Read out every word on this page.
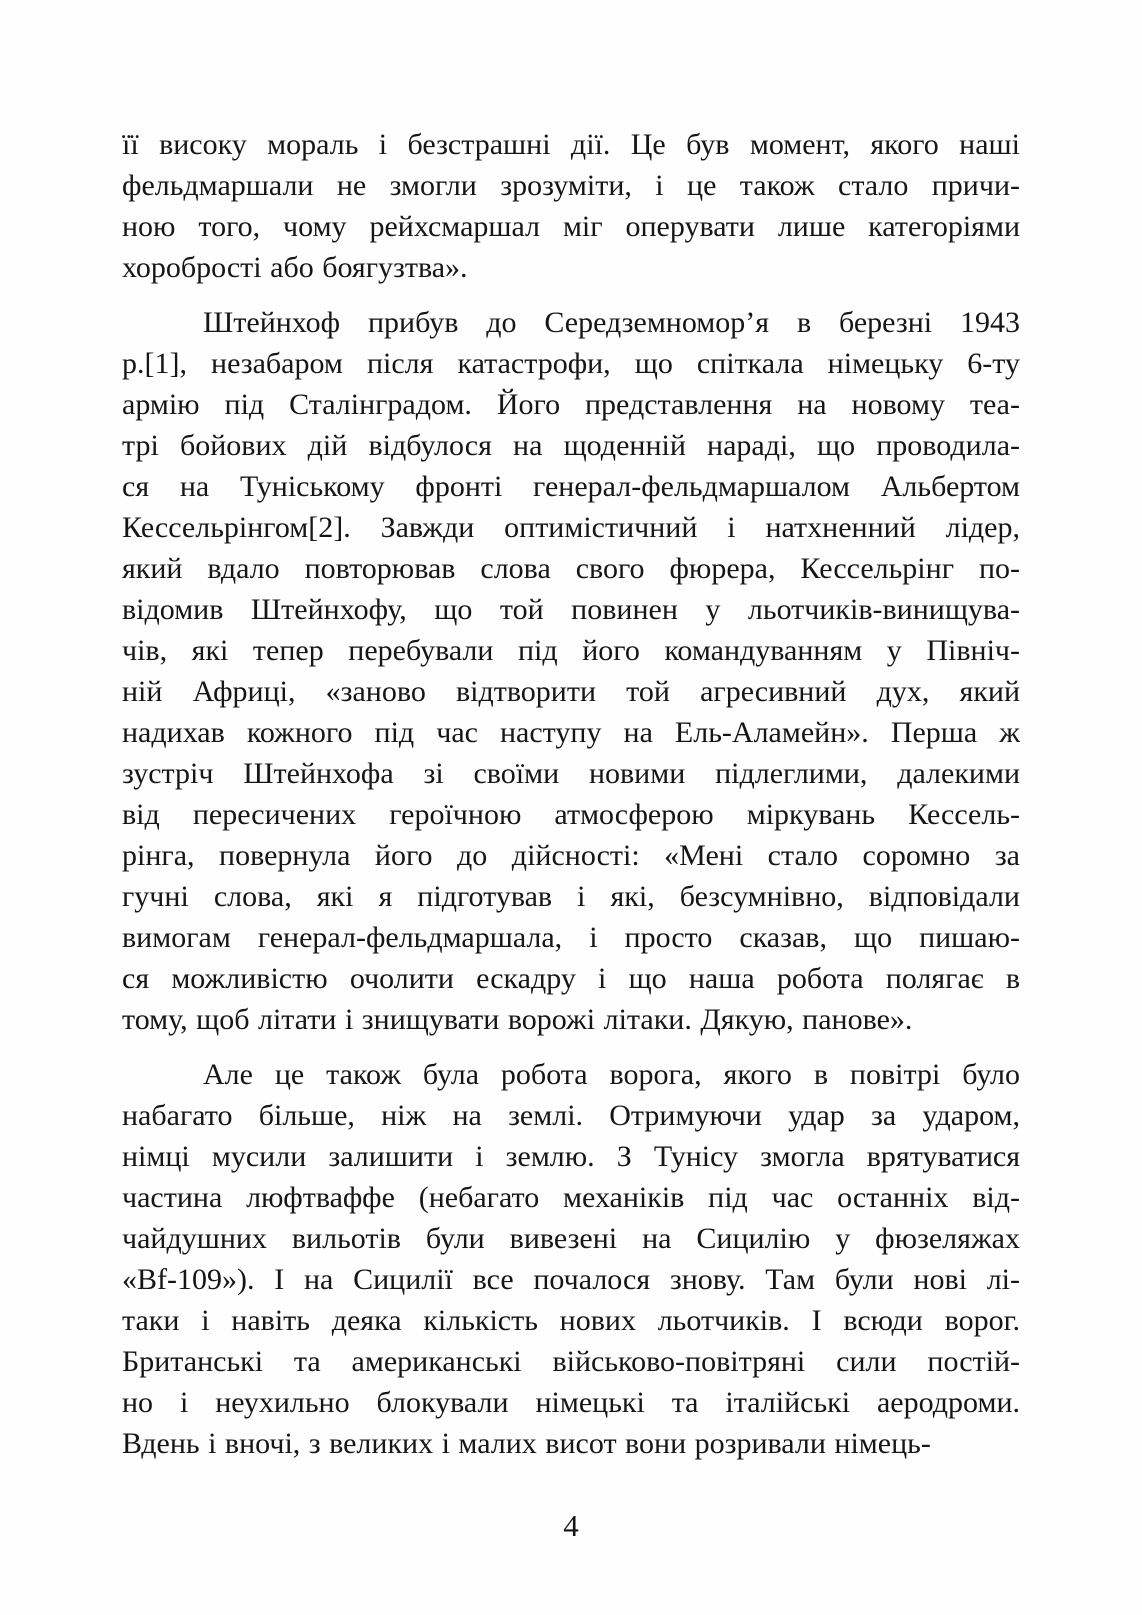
її високу мораль і безстрашні дії. Це був момент, якого наші
фельдмаршали не змогли зрозуміти, і це також стало причи-
ною того, чому рейхсмаршал міг оперувати лише категоріями
хоробрості або боягузтва».
Штейнхоф прибув до Середземномор’я в березні 1943
р.[1], незабаром після катастрофи, що спіткала німецьку 6-ту
армію під Сталінградом. Його представлення на новому теа-
трі бойових дій відбулося на щоденній нараді, що проводила-
ся на Туніському фронті генерал-фельдмаршалом Альбертом
Кессельрінгом[2]. Завжди оптимістичний і натхненний лідер,
який вдало повторював слова свого фюрера, Кессельрінг по-
відомив Штейнхофу, що той повинен у льотчиків-винищува-
чів, які тепер перебували під його командуванням у Північ-
ній Африці, «заново відтворити той агресивний дух, який
надихав кожного під час наступу на Ель-Аламейн». Перша ж
зустріч Штейнхофа зі своїми новими підлеглими, далекими
від пересичених героїчною атмосферою міркувань Кессель-
рінга, повернула його до дійсності: «Мені стало соромно за
гучні слова, які я підготував і які, безсумнівно, відповідали
вимогам генерал-фельдмаршала, і просто сказав, що пишаю-
ся можливістю очолити ескадру і що наша робота полягає в
тому, щоб літати і знищувати ворожі літаки. Дякую, панове».
Але це також була робота ворога, якого в повітрі було
набагато більше, ніж на землі. Отримуючи удар за ударом,
німці мусили залишити і землю. З Тунісу змогла врятуватися
частина люфтваффе (небагато механіків під час останніх від-
чайдушних вильотів були вивезені на Сицилію у фюзеляжах
«Bf-109»). І на Сицилії все почалося знову. Там були нові лі-
таки і навіть деяка кількість нових льотчиків. І всюди ворог.
Британські та американські військово-повітряні сили постій-
но і неухильно блокували німецькі та італійські аеродроми.
Вдень і вночі, з великих і малих висот вони розривали німець-
4
